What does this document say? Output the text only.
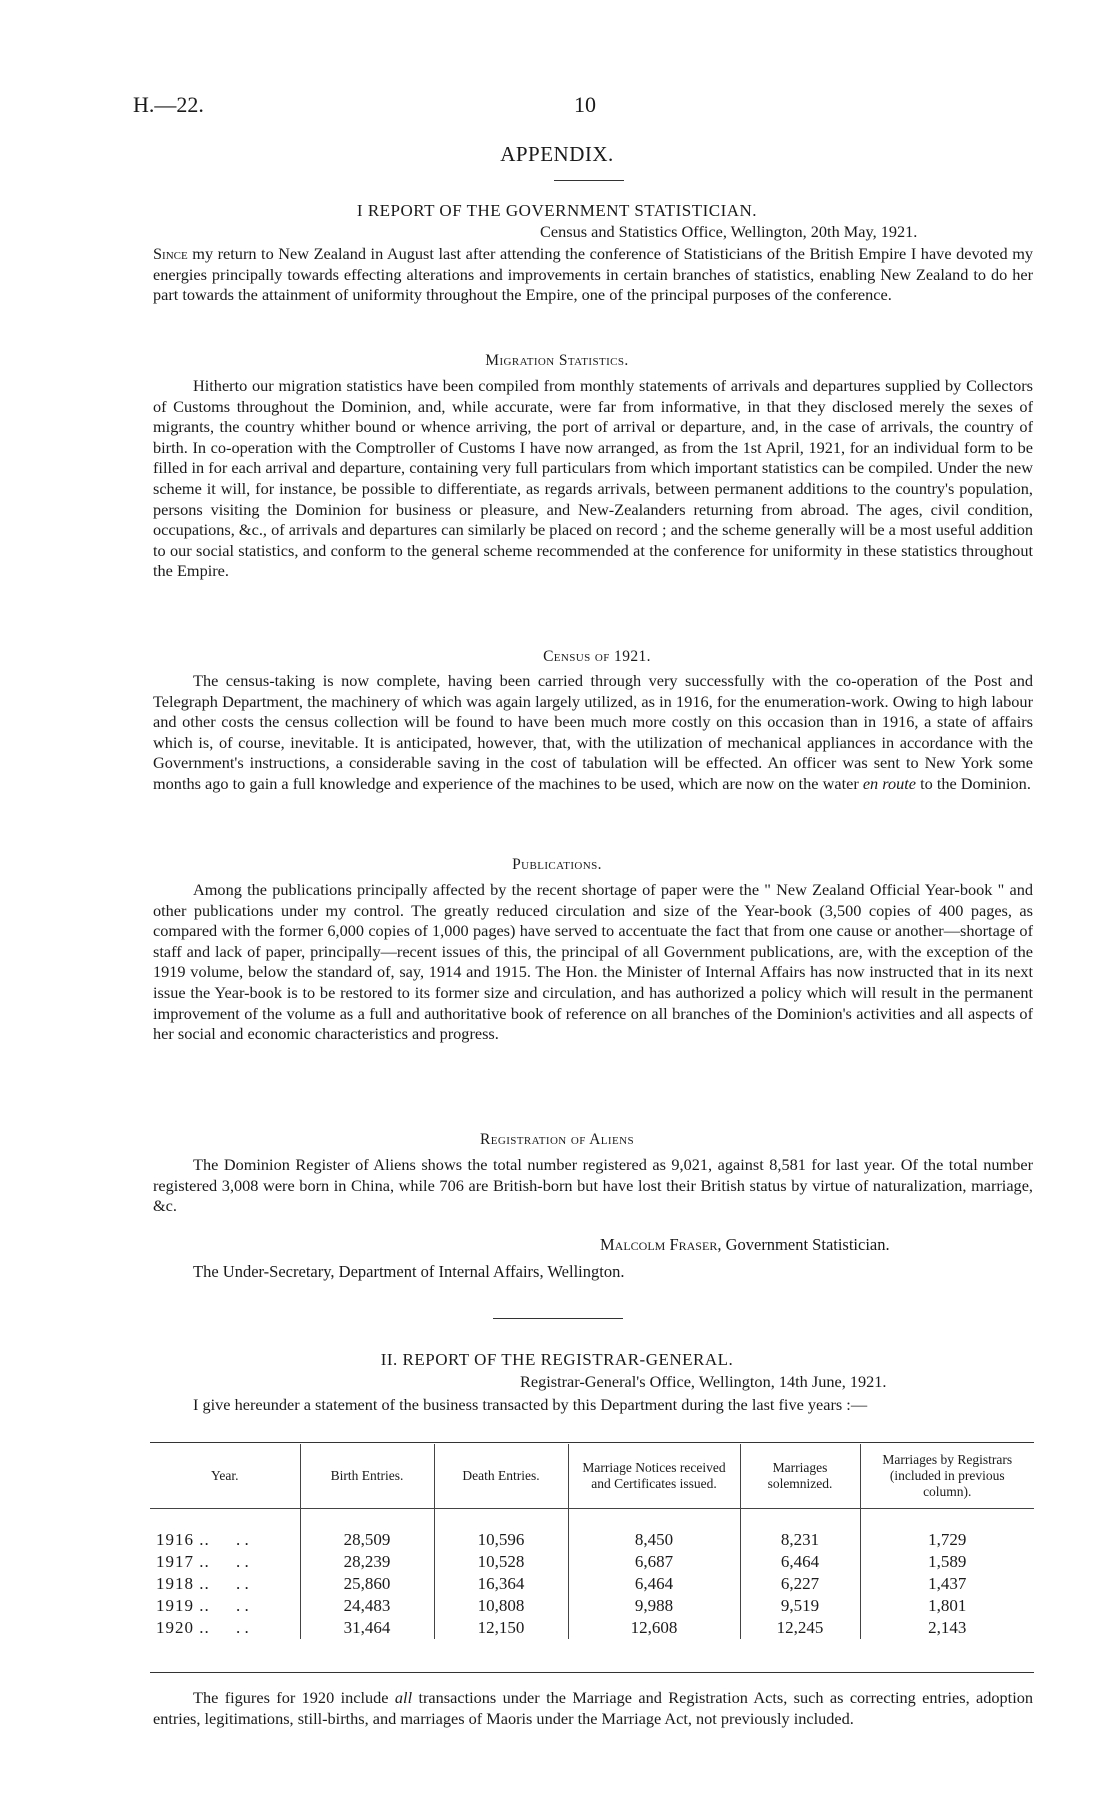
H.—22.	10
APPENDIX.
I REPORT OF THE GOVERNMENT STATISTICIAN.
Census and Statistics Office, Wellington, 20th May, 1921.

Since my return to New Zealand in August last after attending the conference of Statisticians of the British Empire I have devoted my energies principally towards effecting alterations and improvements in certain branches of statistics, enabling New Zealand to do her part towards the attainment of uniformity throughout the Empire, one of the principal purposes of the conference.

Migration Statistics.

Hitherto our migration statistics have been compiled from monthly statements of arrivals and departures supplied by Collectors of Customs throughout the Dominion, and, while accurate, were far from informative, in that they disclosed merely the sexes of migrants, the country whither bound or whence arriving, the port of arrival or departure, and, in the case of arrivals, the country of birth. In co-operation with the Comptroller of Customs I have now arranged, as from the 1st April, 1921, for an individual form to be filled in for each arrival and departure, containing very full particulars from which important statistics can be compiled. Under the new scheme it will, for instance, be possible to differentiate, as regards arrivals, between permanent additions to the country's population, persons visiting the Dominion for business or pleasure, and New-Zealanders returning from abroad. The ages, civil condition, occupations, &c., of arrivals and departures can similarly be placed on record ; and the scheme generally will be a most useful addition to our social statistics, and conform to the general scheme recommended at the conference for uniformity in these statistics throughout the Empire.

Census of 1921.

The census-taking is now complete, having been carried through very successfully with the co-operation of the Post and Telegraph Department, the machinery of which was again largely utilized, as in 1916, for the enumeration-work. Owing to high labour and other costs the census collection will be found to have been much more costly on this occasion than in 1916, a state of affairs which is, of course, inevitable. It is anticipated, however, that, with the utilization of mechanical appliances in accordance with the Government's instructions, a considerable saving in the cost of tabulation will be effected. An officer was sent to New York some months ago to gain a full knowledge and experience of the machines to be used, which are now on the water en route to the Dominion.

Publications.

Among the publications principally affected by the recent shortage of paper were the " New Zealand Official Year-book " and other publications under my control. The greatly reduced circulation and size of the Year-book (3,500 copies of 400 pages, as compared with the former 6,000 copies of 1,000 pages) have served to accentuate the fact that from one cause or another—shortage of staff and lack of paper, principally—recent issues of this, the principal of all Government publications, are, with the exception of the 1919 volume, below the standard of, say, 1914 and 1915. The Hon. the Minister of Internal Affairs has now instructed that in its next issue the Year-book is to be restored to its former size and circulation, and has authorized a policy which will result in the permanent improvement of the volume as a full and authoritative book of reference on all branches of the Dominion's activities and all aspects of her social and economic characteristics and progress.

Registration of Aliens

The Dominion Register of Aliens shows the total number registered as 9,021, against 8,581 for last year. Of the total number registered 3,008 were born in China, while 706 are British-born but have lost their British status by virtue of naturalization, marriage, &c.

Malcolm Fraser, Government Statistician.
The Under-Secretary, Department of Internal Affairs, Wellington.
II. REPORT OF THE REGISTRAR-GENERAL.
Registrar-General's Office, Wellington, 14th June, 1921.

I give hereunder a statement of the business transacted by this Department during the last five years :—

Year.	Birth Entries.	Death Entries.	Marriage Notices received and Certificates issued.	Marriages solemnized.	Marriages by Registrars (included in previous column).

1916 .. . .	28,509	10,596	8,450	8,231	1,729
1917 .. . .	28,239	10,528	6,687	6,464	1,589
1918 .. . .	25,860	16,364	6,464	6,227	1,437
1919 .. . .	24,483	10,808	9,988	9,519	1,801
1920 .. . .	31,464	12,150	12,608	12,245	2,143

The figures for 1920 include all transactions under the Marriage and Registration Acts, such as correcting entries, adoption entries, legitimations, still-births, and marriages of Maoris under the Marriage Act, not previously included.
